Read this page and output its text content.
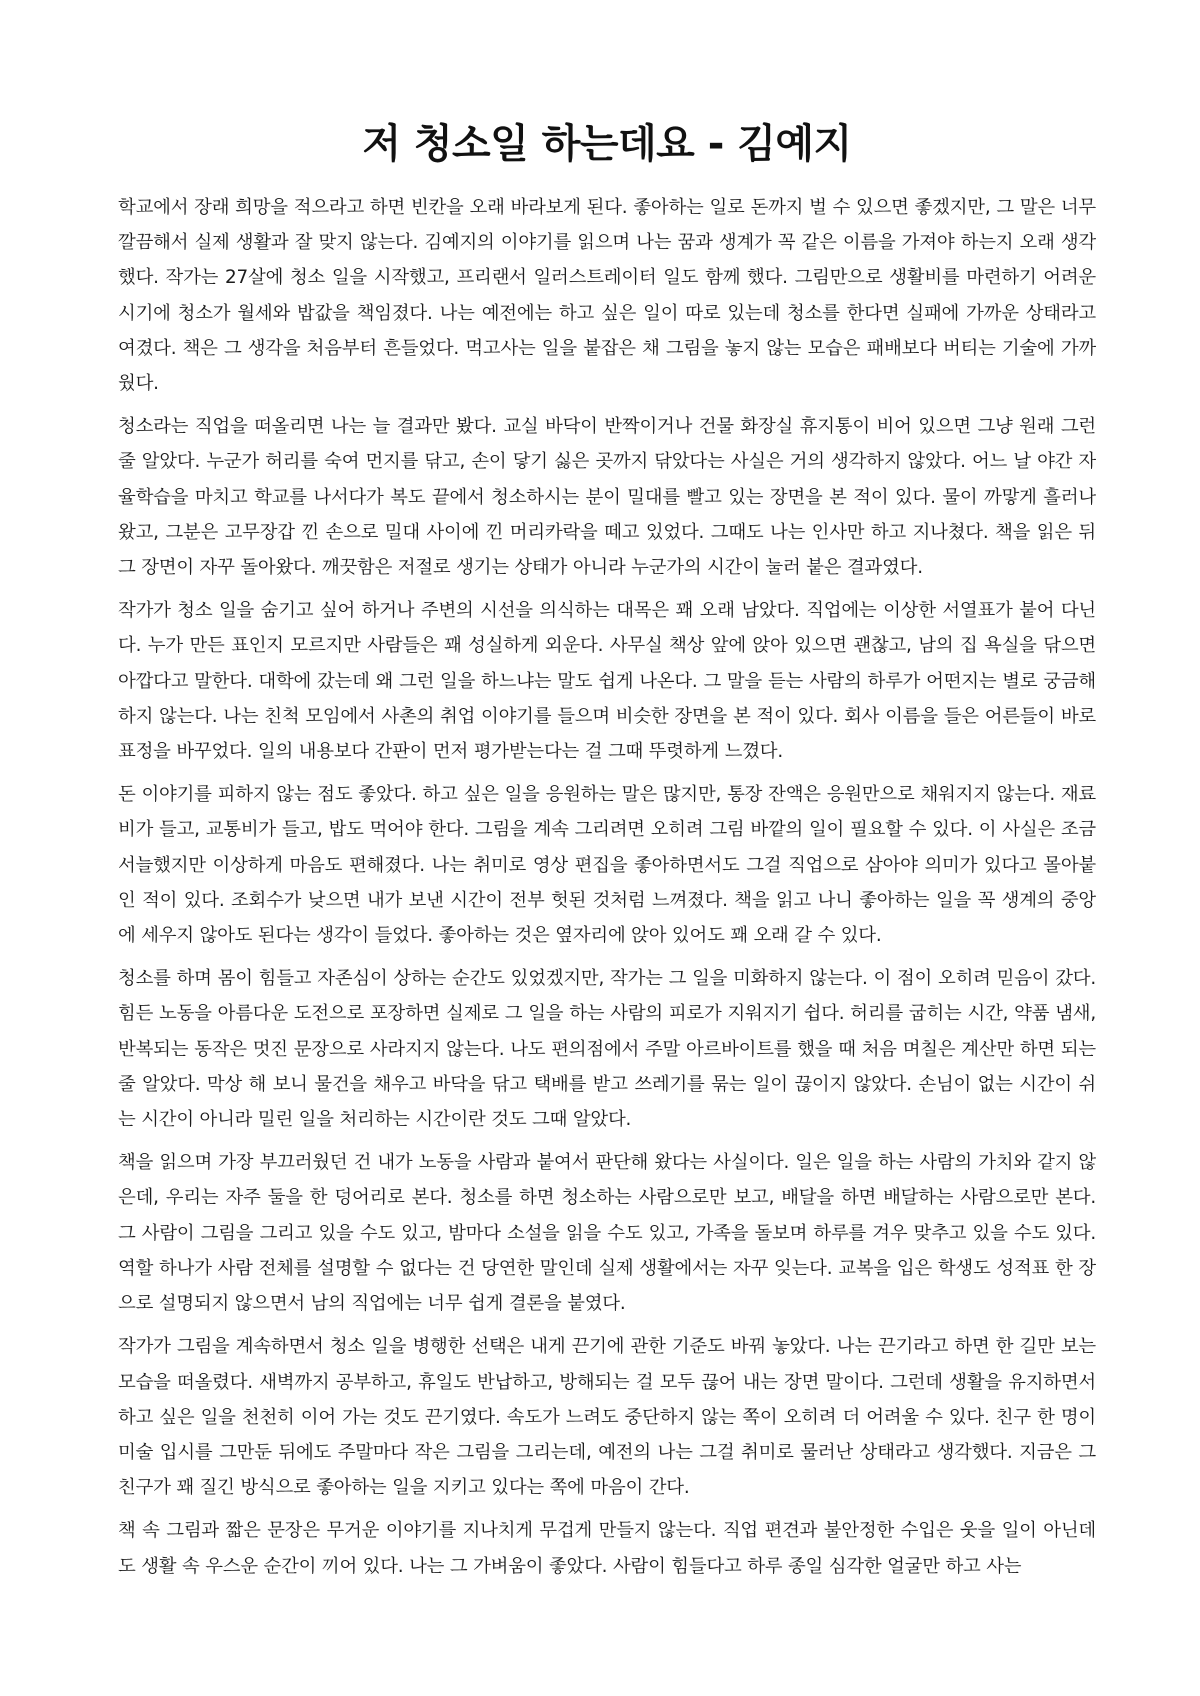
저 청소일 하는데요 - 김예지

학교에서 장래 희망을 적으라고 하면 빈칸을 오래 바라보게 된다. 좋아하는 일로 돈까지 벌 수 있으면 좋겠지만, 그 말은 너무 깔끔해서 실제 생활과 잘 맞지 않는다. 김예지의 이야기를 읽으며 나는 꿈과 생계가 꼭 같은 이름을 가져야 하는지 오래 생각했다. 작가는 27살에 청소 일을 시작했고, 프리랜서 일러스트레이터 일도 함께 했다. 그림만으로 생활비를 마련하기 어려운 시기에 청소가 월세와 밥값을 책임졌다. 나는 예전에는 하고 싶은 일이 따로 있는데 청소를 한다면 실패에 가까운 상태라고 여겼다. 책은 그 생각을 처음부터 흔들었다. 먹고사는 일을 붙잡은 채 그림을 놓지 않는 모습은 패배보다 버티는 기술에 가까웠다.

청소라는 직업을 떠올리면 나는 늘 결과만 봤다. 교실 바닥이 반짝이거나 건물 화장실 휴지통이 비어 있으면 그냥 원래 그런 줄 알았다. 누군가 허리를 숙여 먼지를 닦고, 손이 닿기 싫은 곳까지 닦았다는 사실은 거의 생각하지 않았다. 어느 날 야간 자율학습을 마치고 학교를 나서다가 복도 끝에서 청소하시는 분이 밀대를 빨고 있는 장면을 본 적이 있다. 물이 까맣게 흘러나왔고, 그분은 고무장갑 낀 손으로 밀대 사이에 낀 머리카락을 떼고 있었다. 그때도 나는 인사만 하고 지나쳤다. 책을 읽은 뒤 그 장면이 자꾸 돌아왔다. 깨끗함은 저절로 생기는 상태가 아니라 누군가의 시간이 눌러 붙은 결과였다.

작가가 청소 일을 숨기고 싶어 하거나 주변의 시선을 의식하는 대목은 꽤 오래 남았다. 직업에는 이상한 서열표가 붙어 다닌다. 누가 만든 표인지 모르지만 사람들은 꽤 성실하게 외운다. 사무실 책상 앞에 앉아 있으면 괜찮고, 남의 집 욕실을 닦으면 아깝다고 말한다. 대학에 갔는데 왜 그런 일을 하느냐는 말도 쉽게 나온다. 그 말을 듣는 사람의 하루가 어떤지는 별로 궁금해하지 않는다. 나는 친척 모임에서 사촌의 취업 이야기를 들으며 비슷한 장면을 본 적이 있다. 회사 이름을 들은 어른들이 바로 표정을 바꾸었다. 일의 내용보다 간판이 먼저 평가받는다는 걸 그때 뚜렷하게 느꼈다.

돈 이야기를 피하지 않는 점도 좋았다. 하고 싶은 일을 응원하는 말은 많지만, 통장 잔액은 응원만으로 채워지지 않는다. 재료비가 들고, 교통비가 들고, 밥도 먹어야 한다. 그림을 계속 그리려면 오히려 그림 바깥의 일이 필요할 수 있다. 이 사실은 조금 서늘했지만 이상하게 마음도 편해졌다. 나는 취미로 영상 편집을 좋아하면서도 그걸 직업으로 삼아야 의미가 있다고 몰아붙인 적이 있다. 조회수가 낮으면 내가 보낸 시간이 전부 헛된 것처럼 느껴졌다. 책을 읽고 나니 좋아하는 일을 꼭 생계의 중앙에 세우지 않아도 된다는 생각이 들었다. 좋아하는 것은 옆자리에 앉아 있어도 꽤 오래 갈 수 있다.

청소를 하며 몸이 힘들고 자존심이 상하는 순간도 있었겠지만, 작가는 그 일을 미화하지 않는다. 이 점이 오히려 믿음이 갔다. 힘든 노동을 아름다운 도전으로 포장하면 실제로 그 일을 하는 사람의 피로가 지워지기 쉽다. 허리를 굽히는 시간, 약품 냄새, 반복되는 동작은 멋진 문장으로 사라지지 않는다. 나도 편의점에서 주말 아르바이트를 했을 때 처음 며칠은 계산만 하면 되는 줄 알았다. 막상 해 보니 물건을 채우고 바닥을 닦고 택배를 받고 쓰레기를 묶는 일이 끊이지 않았다. 손님이 없는 시간이 쉬는 시간이 아니라 밀린 일을 처리하는 시간이란 것도 그때 알았다.

책을 읽으며 가장 부끄러웠던 건 내가 노동을 사람과 붙여서 판단해 왔다는 사실이다. 일은 일을 하는 사람의 가치와 같지 않은데, 우리는 자주 둘을 한 덩어리로 본다. 청소를 하면 청소하는 사람으로만 보고, 배달을 하면 배달하는 사람으로만 본다. 그 사람이 그림을 그리고 있을 수도 있고, 밤마다 소설을 읽을 수도 있고, 가족을 돌보며 하루를 겨우 맞추고 있을 수도 있다. 역할 하나가 사람 전체를 설명할 수 없다는 건 당연한 말인데 실제 생활에서는 자꾸 잊는다. 교복을 입은 학생도 성적표 한 장으로 설명되지 않으면서 남의 직업에는 너무 쉽게 결론을 붙였다.

작가가 그림을 계속하면서 청소 일을 병행한 선택은 내게 끈기에 관한 기준도 바꿔 놓았다. 나는 끈기라고 하면 한 길만 보는 모습을 떠올렸다. 새벽까지 공부하고, 휴일도 반납하고, 방해되는 걸 모두 끊어 내는 장면 말이다. 그런데 생활을 유지하면서 하고 싶은 일을 천천히 이어 가는 것도 끈기였다. 속도가 느려도 중단하지 않는 쪽이 오히려 더 어려울 수 있다. 친구 한 명이 미술 입시를 그만둔 뒤에도 주말마다 작은 그림을 그리는데, 예전의 나는 그걸 취미로 물러난 상태라고 생각했다. 지금은 그 친구가 꽤 질긴 방식으로 좋아하는 일을 지키고 있다는 쪽에 마음이 간다.

책 속 그림과 짧은 문장은 무거운 이야기를 지나치게 무겁게 만들지 않는다. 직업 편견과 불안정한 수입은 웃을 일이 아닌데도 생활 속 우스운 순간이 끼어 있다. 나는 그 가벼움이 좋았다. 사람이 힘들다고 하루 종일 심각한 얼굴만 하고 사는
